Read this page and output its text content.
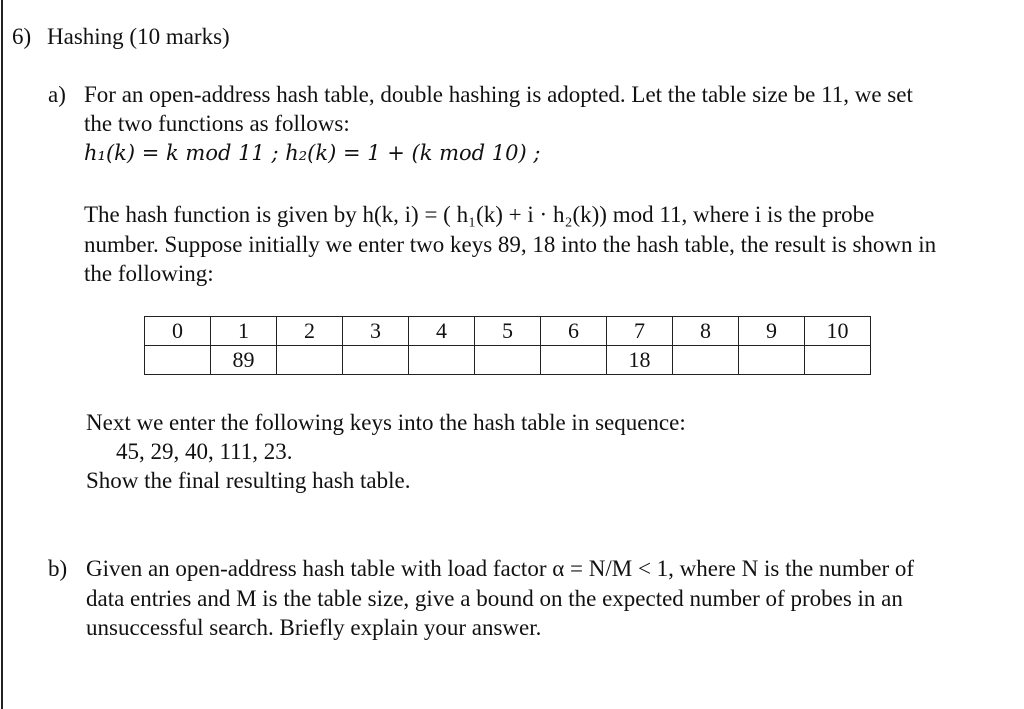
6) Hashing (10 marks)
a) For an open-address hash table, double hashing is adopted. Let the table size be 11, we set
the two functions as follows:
h₁(k) = k mod 11 ; h₂(k) = 1 + (k mod 10) ;
The hash function is given by h(k, i) = ( h₁(k) + i · h₂(k)) mod 11, where i is the probe
number. Suppose initially we enter two keys 89, 18 into the hash table, the result is shown in
the following:
0	1	2	3	4	5	6	7	8	9	10
	89						18			
Next we enter the following keys into the hash table in sequence:
45, 29, 40, 111, 23.
Show the final resulting hash table.
b) Given an open-address hash table with load factor α = N/M < 1, where N is the number of
data entries and M is the table size, give a bound on the expected number of probes in an
unsuccessful search. Briefly explain your answer.
